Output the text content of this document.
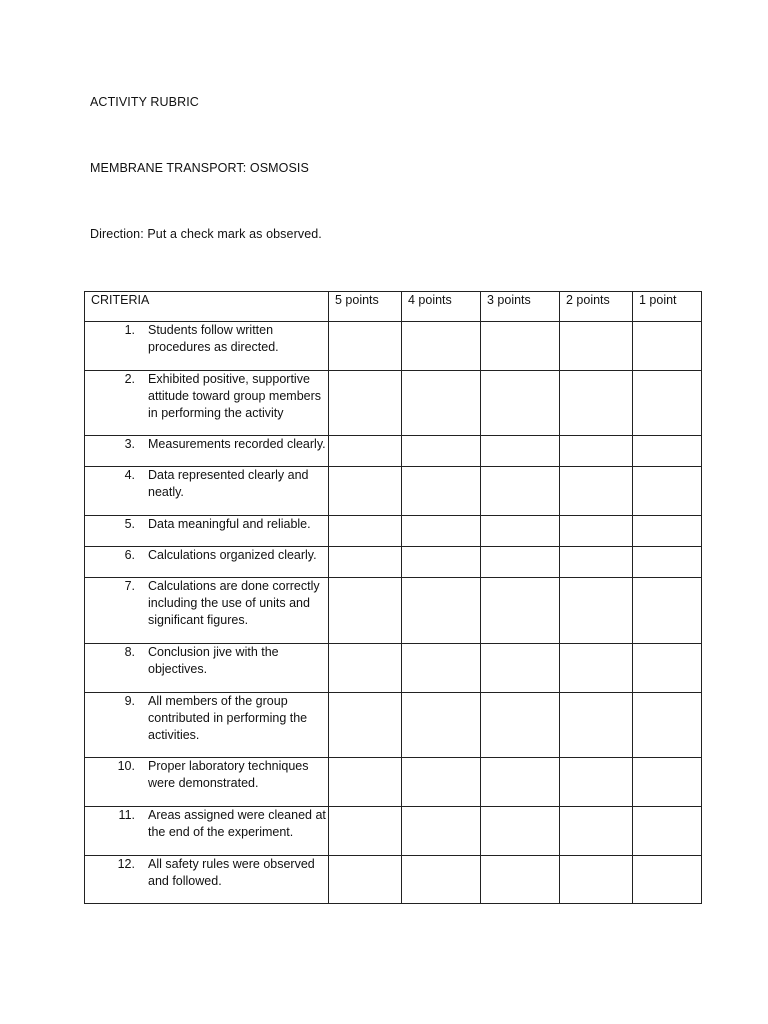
ACTIVITY RUBRIC
MEMBRANE TRANSPORT: OSMOSIS

Direction: Put a check mark as observed.

CRITERIA	5 points	4 points	3 points	2 points	1 point

1. Students follow written procedures as directed.					

2. Exhibited positive, supportive attitude toward group members in performing the activity					

3. Measurements recorded clearly.					

4. Data represented clearly and neatly.					

5. Data meaningful and reliable.					

6. Calculations organized clearly.					

7. Calculations are done correctly including the use of units and significant figures.					

8. Conclusion jive with the objectives.					

9. All members of the group contributed in performing the activities.					

10. Proper laboratory techniques were demonstrated.					

11. Areas assigned were cleaned at the end of the experiment.					

12. All safety rules were observed and followed.					
